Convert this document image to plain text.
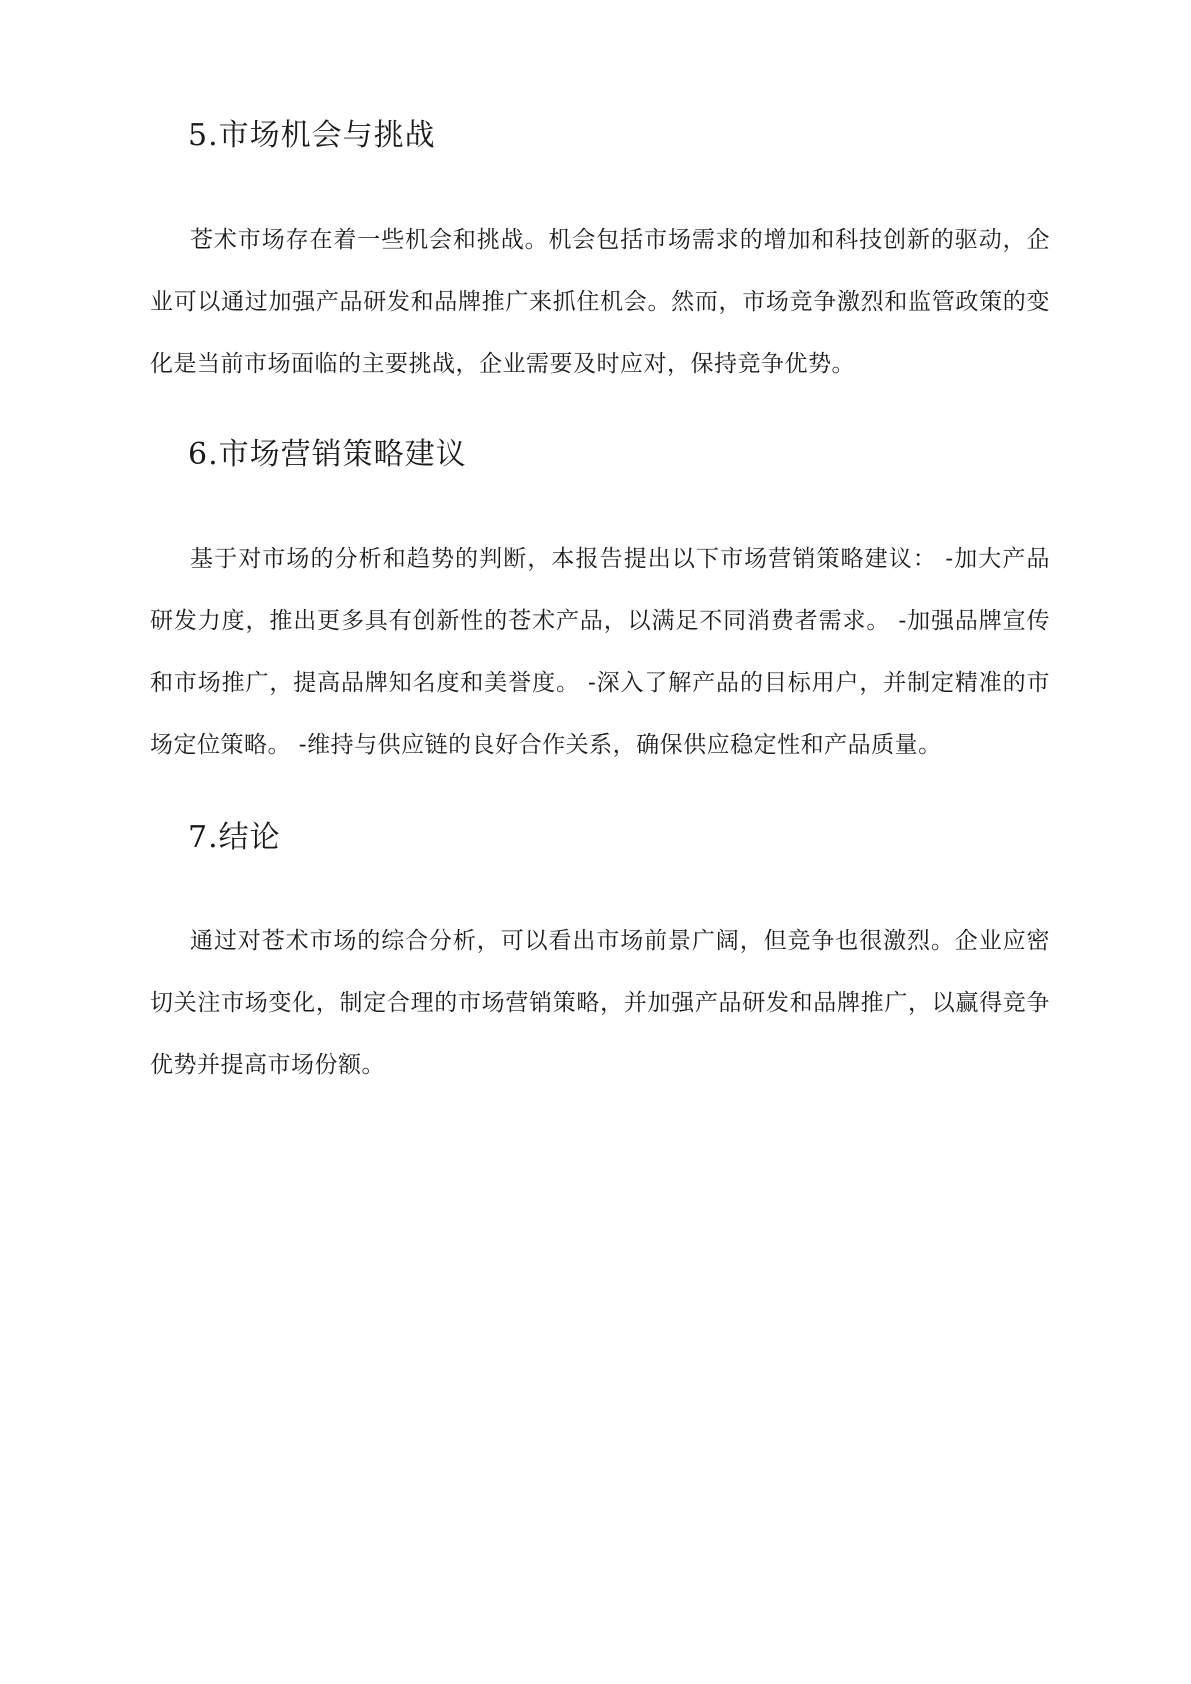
5.市场机会与挑战

苍术市场存在着一些机会和挑战。机会包括市场需求的增加和科技创新的驱动，企业可以通过加强产品研发和品牌推广来抓住机会。然而，市场竞争激烈和监管政策的变化是当前市场面临的主要挑战，企业需要及时应对，保持竞争优势。

6.市场营销策略建议

基于对市场的分析和趋势的判断，本报告提出以下市场营销策略建议： -加大产品研发力度，推出更多具有创新性的苍术产品，以满足不同消费者需求。 -加强品牌宣传和市场推广，提高品牌知名度和美誉度。 -深入了解产品的目标用户，并制定精准的市场定位策略。 -维持与供应链的良好合作关系，确保供应稳定性和产品质量。

7.结论

通过对苍术市场的综合分析，可以看出市场前景广阔，但竞争也很激烈。企业应密切关注市场变化，制定合理的市场营销策略，并加强产品研发和品牌推广，以赢得竞争优势并提高市场份额。
